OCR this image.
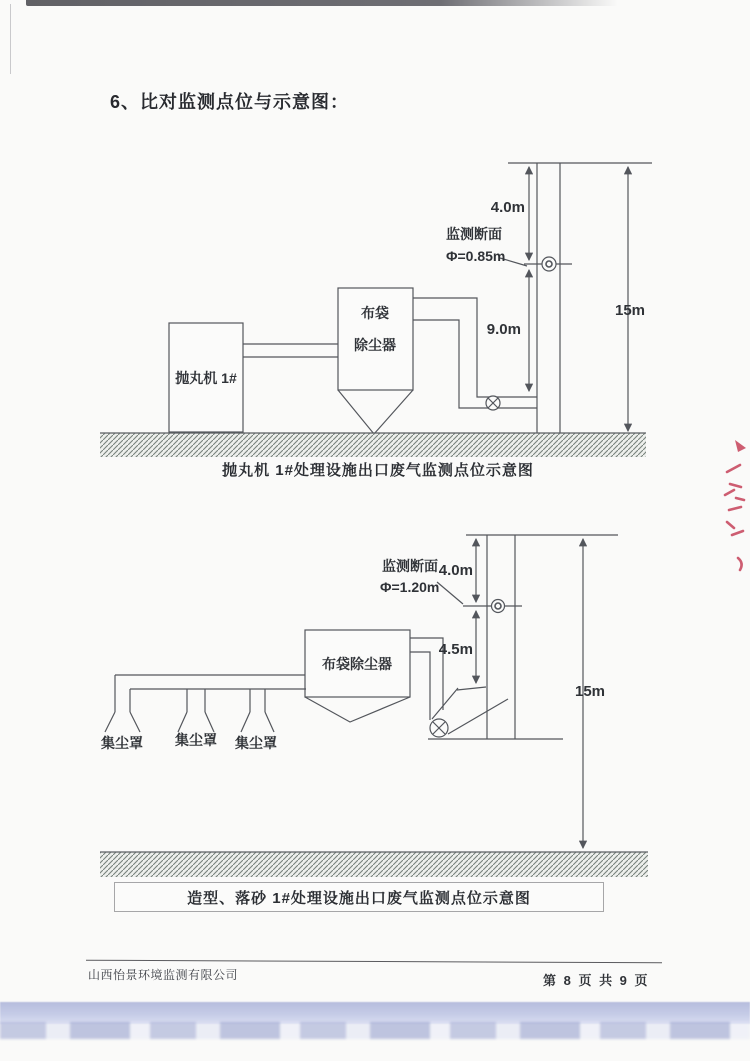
6、比对监测点位与示意图：
4.0m
9.0m
15m
监测断面
Φ=0.85m
抛丸机 1#
布袋
除尘器
抛丸机 1#处理设施出口废气监测点位示意图
4.0m
4.5m
15m
监测断面
Φ=1.20m
布袋除尘器
集尘罩 集尘罩 集尘罩
造型、落砂 1#处理设施出口废气监测点位示意图
山西怡景环境监测有限公司	第 8 页 共 9 页
